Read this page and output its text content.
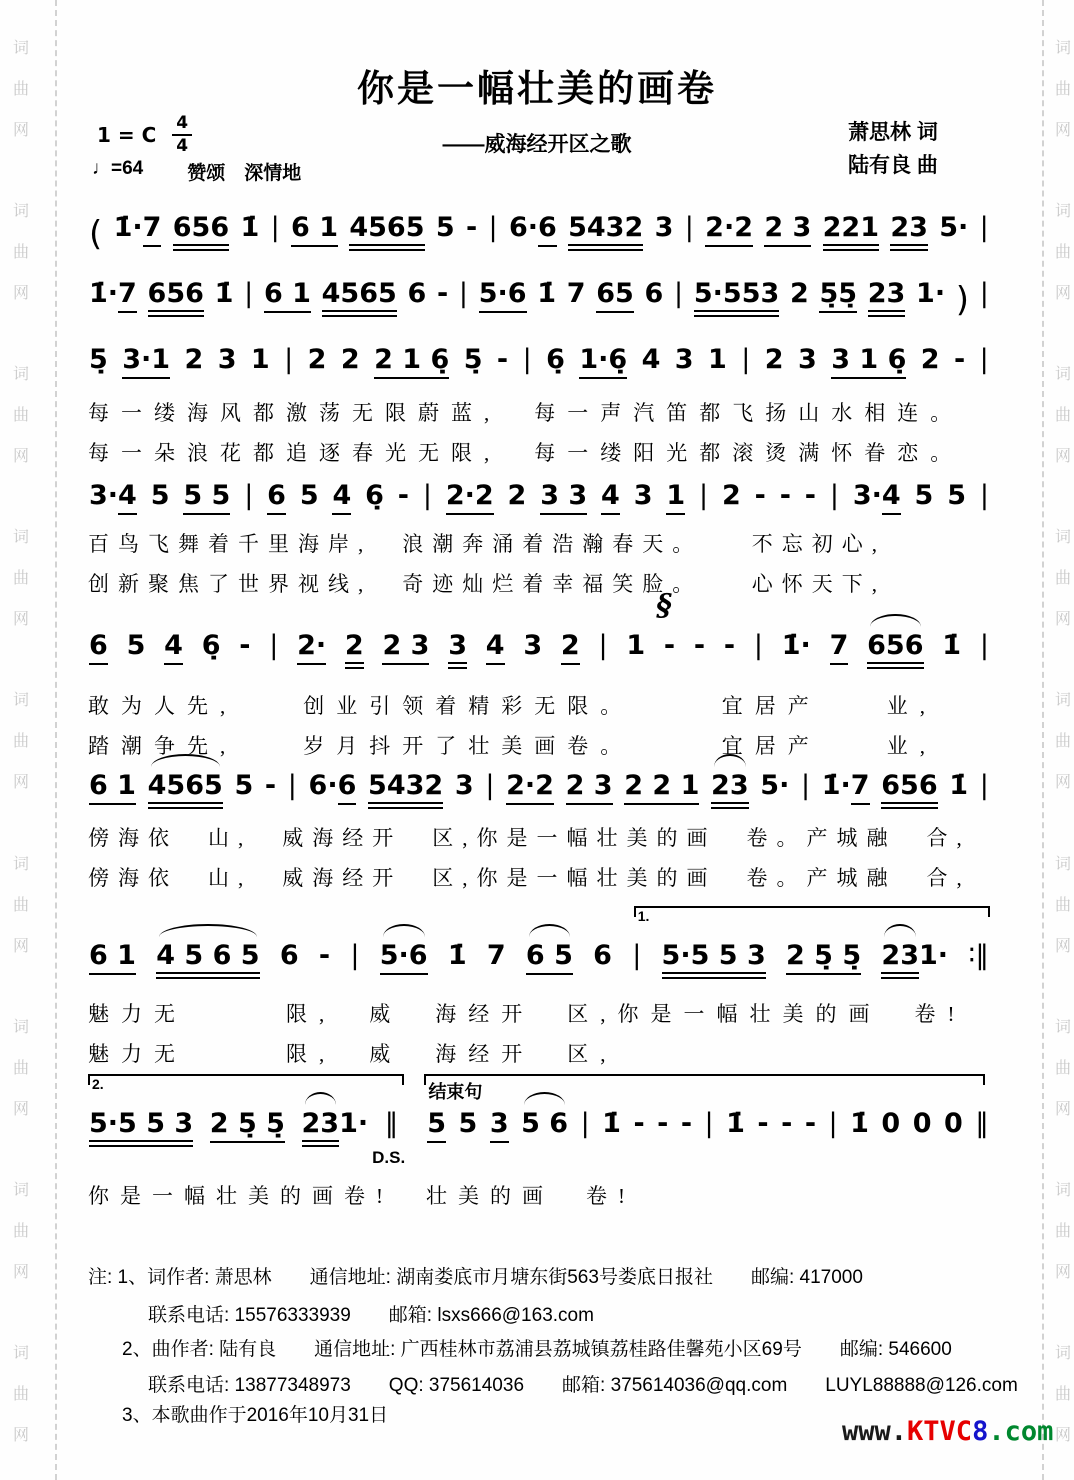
词
曲
网
词
曲
网
词
曲
网
词
曲
网
词
曲
网
词
曲
网
词
曲
网
词
曲
网
词
曲
网
词
曲
网
词
曲
网
词
曲
网
词
曲
网
词
曲
网
词
曲
网
词
曲
网
词
曲
网
词
曲
网
你是一幅壮美的画卷
——威海经开区之歌
1 = C $\frac{4}{4}$
♩=64 赞颂　深情地
萧思林 词
陆有良 曲
( 1̇·7 656 1̇ | 6 1 4565 5 - | 6·6 5432 3 | 2·2 2 3 221 23 5· |
1̇·7 656 1̇ | 6 1 4565 6 - | 5·6 1̇ 7 65 6 | 5·553 2 5̣5̣ 23 1· ) |
5̣ 3·1 2 3 1 | 2 2 2 1 6̣ 5̣ - | 6̣ 1·6̣ 4 3 1 | 2 3 3 1 6̣ 2 - |
每一缕海风都激荡无限蔚蓝,　每一声汽笛都飞扬山水相连。
每一朵浪花都追逐春光无限,　每一缕阳光都滚烫满怀眷恋。
3·4 5 5 5 | 6 5 4 6̣ - | 2·2 2 3 3 4 3 1 | 2 - - - | 3·4 5 5 |
百鸟飞舞着千里海岸,　浪潮奔涌着浩瀚春天。　　不忘初心,
创新聚焦了世界视线,　奇迹灿烂着幸福笑脸。　　心怀天下,
6 5 4 6̣ - | 2· 2 2 3 3 4 3 2 | 1 - - - | 1̇· 7 656 1̇ |
§
敢为人先,　　创业引领着精彩无限。　　　宜居产　　业,
踏潮争先,　　岁月抖开了壮美画卷。　　　宜居产　　业,
6 1 4565 5 - | 6·6 5432 3 | 2·2 2 3 2 2 1 23 5· | 1̇·7 656 1̇ |
傍海依　山,　威海经开　区,你是一幅壮美的画　卷。产城融　合,
傍海依　山,　威海经开　区,你是一幅壮美的画　卷。产城融　合,
6 1 4 5 6 5 6 - | 5·6 1̇ 7 6 5 6 | 5·5 5 3 2 5̣ 5̣ 231· ∶‖
1.
魅力无　　　限,　威　海经开　区,你是一幅壮美的画　卷!
魅力无　　　限,　威　海经开　区,
5·5 5 3 2 5̣ 5̣ 231· ‖ 5 5 3 5 6 | 1̇ - - - | 1̇ - - - | 1̇ 0 0 0 ‖
2.	结束句
D.S.
你是一幅壮美的画卷!　壮美的画　卷!
注: 1、词作者: 萧思林　　通信地址: 湖南娄底市月塘东街563号娄底日报社　　邮编: 417000
联系电话: 15576333939　　邮箱: lsxs666@163.com
2、曲作者: 陆有良　　通信地址: 广西桂林市荔浦县荔城镇荔桂路佳馨苑小区69号　　邮编: 546600
联系电话: 13877348973　　QQ: 375614036　　邮箱: 375614036@qq.com　　LUYL88888@126.com
3、本歌曲作于2016年10月31日
www.KTVC8.com
